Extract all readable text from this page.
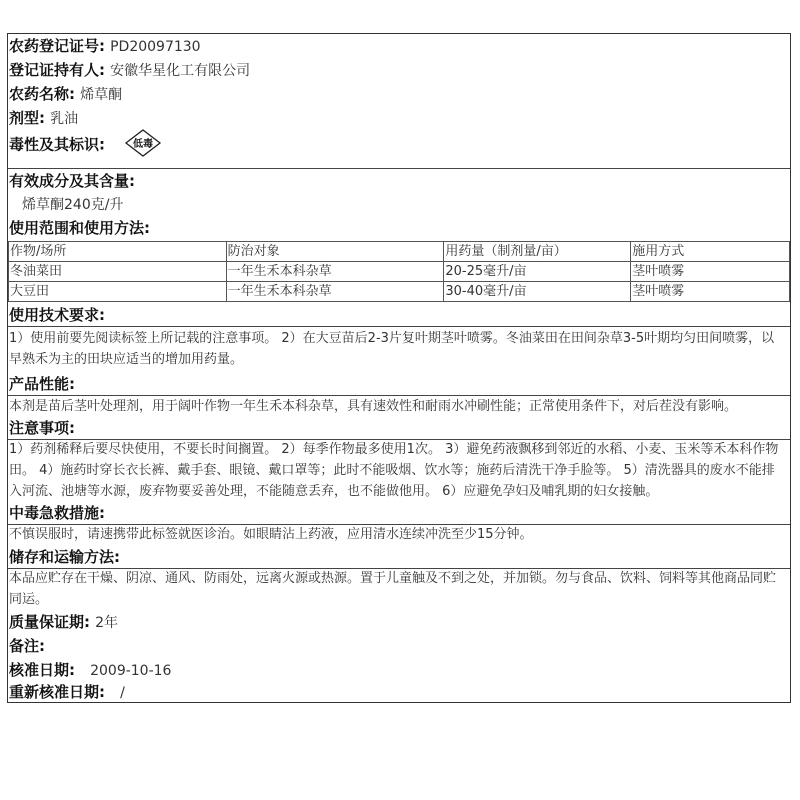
农药登记证号: PD20097130
登记证持有人: 安徽华星化工有限公司
农药名称: 烯草酮
剂型: 乳油
毒性及其标识:	低毒
有效成分及其含量:
烯草酮240克/升
使用范围和使用方法:
作物/场所	防治对象	用药量（制剂量/亩）	施用方式
冬油菜田	一年生禾本科杂草	20-25毫升/亩	茎叶喷雾
大豆田	一年生禾本科杂草	30-40毫升/亩	茎叶喷雾
使用技术要求:
1）使用前要先阅读标签上所记载的注意事项。 2）在大豆苗后2-3片复叶期茎叶喷雾。冬油菜田在田间杂草3-5叶期均匀田间喷雾，以早熟禾为主的田块应适当的增加用药量。
产品性能:
本剂是苗后茎叶处理剂，用于阔叶作物一年生禾本科杂草，具有速效性和耐雨水冲刷性能；正常使用条件下，对后茬没有影响。
注意事项:
1）药剂稀释后要尽快使用，不要长时间搁置。 2）每季作物最多使用1次。 3）避免药液飘移到邻近的水稻、小麦、玉米等禾本科作物田。 4）施药时穿长衣长裤、戴手套、眼镜、戴口罩等；此时不能吸烟、饮水等；施药后清洗干净手脸等。 5）清洗器具的废水不能排入河流、池塘等水源，废弃物要妥善处理，不能随意丢弃，也不能做他用。 6）应避免孕妇及哺乳期的妇女接触。
中毒急救措施:
不慎误服时，请速携带此标签就医诊治。如眼睛沾上药液，应用清水连续冲洗至少15分钟。
储存和运输方法:
本品应贮存在干燥、阴凉、通风、防雨处，远离火源或热源。置于儿童触及不到之处，并加锁。勿与食品、饮料、饲料等其他商品同贮同运。
质量保证期: 2年
备注:
核准日期: 2009-10-16
重新核准日期: /
